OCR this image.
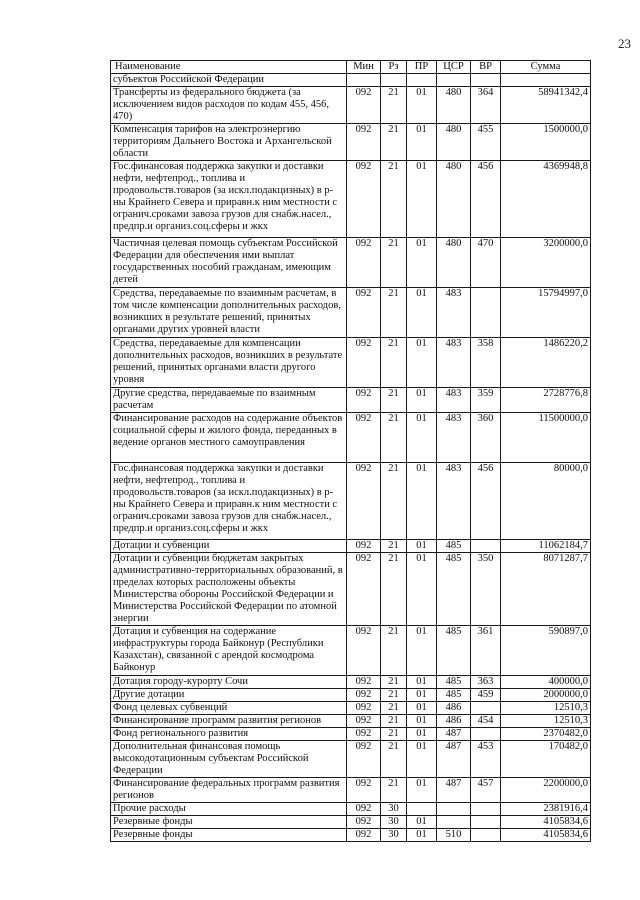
23
Наименование	Мин	Рз	ПР	ЦСР	ВР	Сумма
субъектов Российской Федерации						
Трансферты из федерального бюджета (за исключением видов расходов по кодам 455, 456, 470)	092	21	01	480	364	58941342,4
Компенсация тарифов на электроэнергию территориям Дальнего Востока и Архангельской области	092	21	01	480	455	1500000,0
Гос.финансовая поддержка закупки и доставки нефти, нефтепрод., топлива и продовольств.товаров (за искл.подакцизных) в р-ны Крайнего Севера и приравн.к ним местности с огранич.сроками завоза грузов для снабж.насел., предпр.и организ.соц.сферы и жкх	092	21	01	480	456	4369948,8
Частичная целевая помощь субъектам Российской Федерации для обеспечения ими выплат государственных пособий гражданам, имеющим детей	092	21	01	480	470	3200000,0
Средства, передаваемые по взаимным расчетам, в том числе компенсации дополнительных расходов, возникших в результате решений, принятых органами других уровней власти	092	21	01	483		15794997,0
Средства, передаваемые для компенсации дополнительных расходов, возникших в результате решений, принятых органами власти другого уровня	092	21	01	483	358	1486220,2
Другие средства, передаваемые по взаимным расчетам	092	21	01	483	359	2728776,8
Финансирование расходов на содержание объектов социальной сферы и жилого фонда, переданных в ведение органов местного самоуправления	092	21	01	483	360	11500000,0
Гос.финансовая поддержка закупки и доставки нефти, нефтепрод., топлива и продовольств.товаров (за искл.подакцизных) в р-ны Крайнего Севера и приравн.к ним местности с огранич.сроками завоза грузов для снабж.насел., предпр.и организ.соц.сферы и жкх	092	21	01	483	456	80000,0
Дотации и субвенции	092	21	01	485		11062184,7
Дотации и субвенции бюджетам закрытых административно-территориальных образований, в пределах которых расположены объекты Министерства обороны Российской Федерации и Министерства Российской Федерации по атомной энергии	092	21	01	485	350	8071287,7
Дотация и субвенция на содержание инфраструктуры города Байконур (Республики Казахстан), связанной с арендой космодрома Байконур	092	21	01	485	361	590897,0
Дотация городу-курорту Сочи	092	21	01	485	363	400000,0
Другие дотации	092	21	01	485	459	2000000,0
Фонд целевых субвенций	092	21	01	486		12510,3
Финансирование программ развития регионов	092	21	01	486	454	12510,3
Фонд регионального развития	092	21	01	487		2370482,0
Дополнительная финансовая помощь высокодотационным субъектам Российской Федерации	092	21	01	487	453	170482,0
Финансирование федеральных программ развития регионов	092	21	01	487	457	2200000,0
Прочие расходы	092	30				2381916,4
Резервные фонды	092	30	01			4105834,6
Резервные фонды	092	30	01	510		4105834,6
